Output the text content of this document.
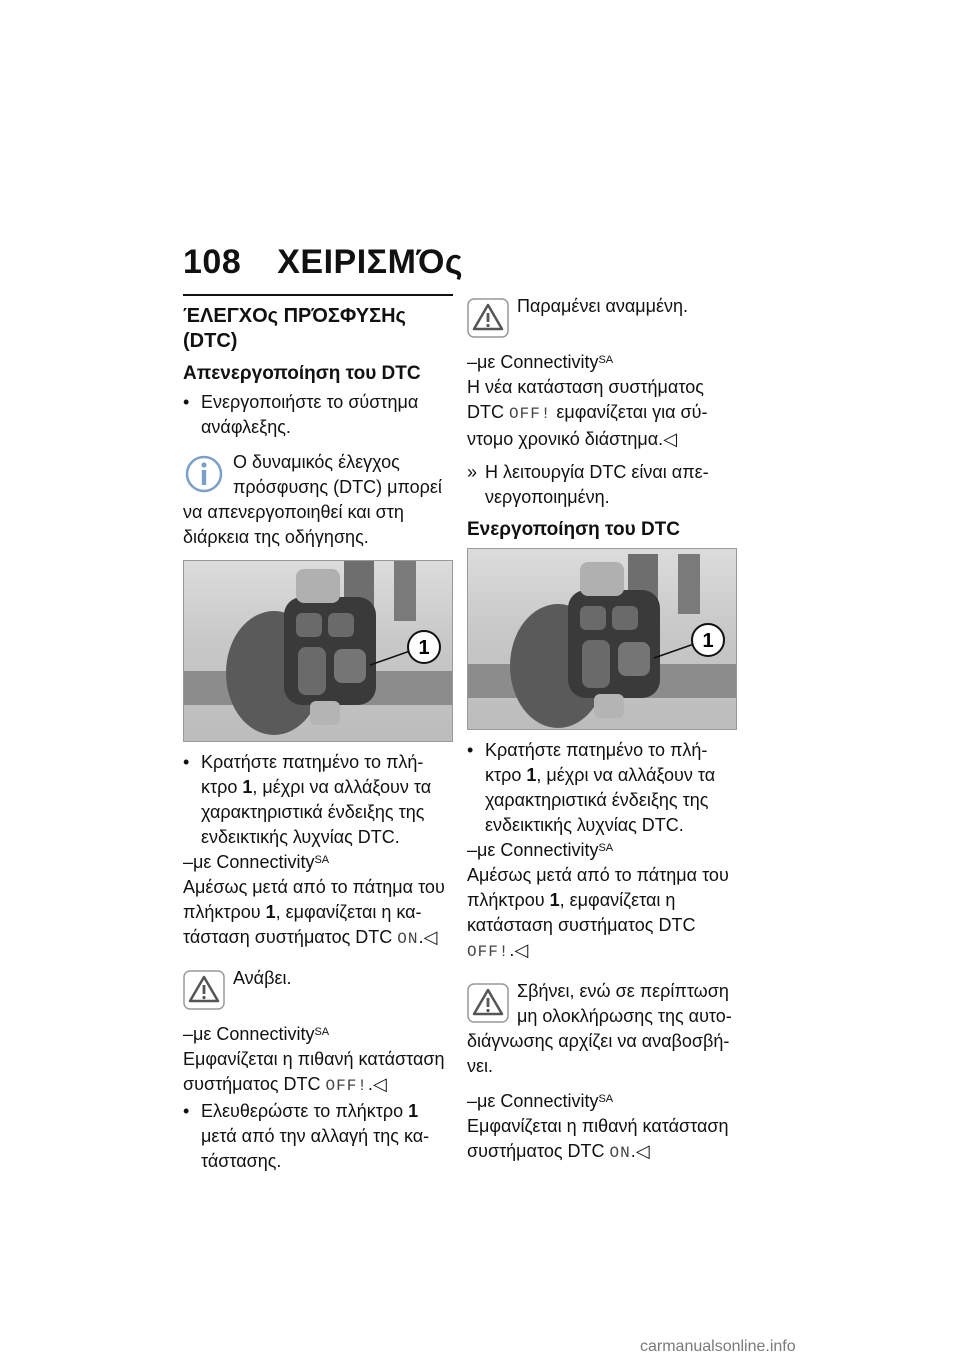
108 ΧΕΙΡΙΣΜΌς
ΈΛΕΓΧΟς ΠΡΌΣΦΥΣΗς (DTC)
Απενεργοποίηση του DTC

• Ενεργοποιήστε το σύστημα ανάφλεξης.

Ο δυναμικός έλεγχος πρόσφυσης (DTC) μπορεί να απενεργοποιηθεί και στη διάρκεια της οδήγησης.

1

• Κρατήστε πατημένο το πλή-κτρο 1, μέχρι να αλλάξουν τα χαρακτηριστικά ένδειξης της ενδεικτικής λυχνίας DTC.

–με Connectivity$^{SA}$

Αμέσως μετά από το πάτημα του πλήκτρου 1, εμφανίζεται η κα-τάσταση συστήματος DTC ON.◁

Ανάβει.

–με Connectivity$^{SA}$

Εμφανίζεται η πιθανή κατάσταση συστήματος DTC OFF!.◁

• Ελευθερώστε το πλήκτρο 1 μετά από την αλλαγή της κα-τάστασης.

Παραμένει αναμμένη.

–με Connectivity$^{SA}$

Η νέα κατάσταση συστήματος DTC OFF! εμφανίζεται για σύ-ντομο χρονικό διάστημα.◁

» Η λειτουργία DTC είναι απε-νεργοποιημένη.

Ενεργοποίηση του DTC
1

• Κρατήστε πατημένο το πλή-κτρο 1, μέχρι να αλλάξουν τα χαρακτηριστικά ένδειξης της ενδεικτικής λυχνίας DTC.

–με Connectivity$^{SA}$

Αμέσως μετά από το πάτημα του πλήκτρου 1, εμφανίζεται η κατάσταση συστήματος DTC OFF!.◁

Σβήνει, ενώ σε περίπτωση μη ολοκλήρωσης της αυτο-διάγνωσης αρχίζει να αναβοσβή-νει.

–με Connectivity$^{SA}$

Εμφανίζεται η πιθανή κατάσταση συστήματος DTC ON.◁

carmanualsonline.info
